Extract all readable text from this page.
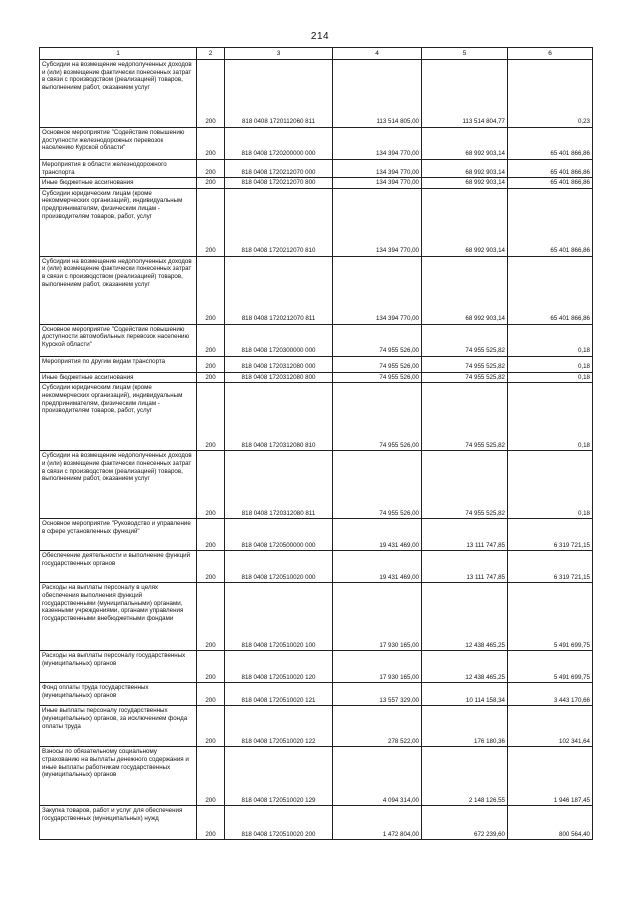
214
1	2	3	4	5	6
Субсидии на возмещение недополученных доходов и (или) возмещение фактически понесенных затрат в связи с производством (реализацией) товаров, выполнением работ, оказанием услуг	200	818 0408 1720112060 811	113 514 805,00	113 514 804,77	0,23
Основное мероприятие "Содействие повышению доступности железнодорожных перевозок населению Курской области"	200	818 0408 1720200000 000	134 394 770,00	68 992 903,14	65 401 866,86
Мероприятия в области железнодорожного транспорта	200	818 0408 1720212070 000	134 394 770,00	68 992 903,14	65 401 866,86
Иные бюджетные ассигнования	200	818 0408 1720212070 800	134 394 770,00	68 992 903,14	65 401 866,86
Субсидии юридическим лицам (кроме некоммерческих организаций), индивидуальным предпринимателям, физическим лицам - производителям товаров, работ, услуг	200	818 0408 1720212070 810	134 394 770,00	68 992 903,14	65 401 866,86
Субсидии на возмещение недополученных доходов и (или) возмещение фактически понесенных затрат в связи с производством (реализацией) товаров, выполнением работ, оказанием услуг	200	818 0408 1720212070 811	134 394 770,00	68 992 903,14	65 401 866,86
Основное мероприятие "Содействие повышению доступности автомобильных перевозок населению Курской области"	200	818 0408 1720300000 000	74 955 526,00	74 955 525,82	0,18
Мероприятия по другим видам транспорта	200	818 0408 1720312080 000	74 955 526,00	74 955 525,82	0,18
Иные бюджетные ассигнования	200	818 0408 1720312080 800	74 955 526,00	74 955 525,82	0,18
Субсидии юридическим лицам (кроме некоммерческих организаций), индивидуальным предпринимателям, физическим лицам - производителям товаров, работ, услуг	200	818 0408 1720312080 810	74 955 526,00	74 955 525,82	0,18
Субсидии на возмещение недополученных доходов и (или) возмещение фактически понесенных затрат в связи с производством (реализацией) товаров, выполнением работ, оказанием услуг	200	818 0408 1720312080 811	74 955 526,00	74 955 525,82	0,18
Основное мероприятие "Руководство и управление в сфере установленных функций"	200	818 0408 1720500000 000	19 431 469,00	13 111 747,85	6 319 721,15
Обеспечение деятельности и выполнение функций государственных органов	200	818 0408 1720510020 000	19 431 469,00	13 111 747,85	6 319 721,15
Расходы на выплаты персоналу в целях обеспечения выполнения функций государственными (муниципальными) органами, казенными учреждениями, органами управления государственными внебюджетными фондами	200	818 0408 1720510020 100	17 930 165,00	12 438 465,25	5 491 699,75
Расходы на выплаты персоналу государственных (муниципальных) органов	200	818 0408 1720510020 120	17 930 165,00	12 438 465,25	5 491 699,75
Фонд оплаты труда государственных (муниципальных) органов	200	818 0408 1720510020 121	13 557 329,00	10 114 158,34	3 443 170,66
Иные выплаты персоналу государственных (муниципальных) органов, за исключением фонда оплаты труда	200	818 0408 1720510020 122	278 522,00	176 180,36	102 341,64
Взносы по обязательному социальному страхованию на выплаты денежного содержания и иные выплаты работникам государственных (муниципальных) органов	200	818 0408 1720510020 129	4 094 314,00	2 148 126,55	1 946 187,45
Закупка товаров, работ и услуг для обеспечения государственных (муниципальных) нужд	200	818 0408 1720510020 200	1 472 804,00	672 239,60	800 564,40
